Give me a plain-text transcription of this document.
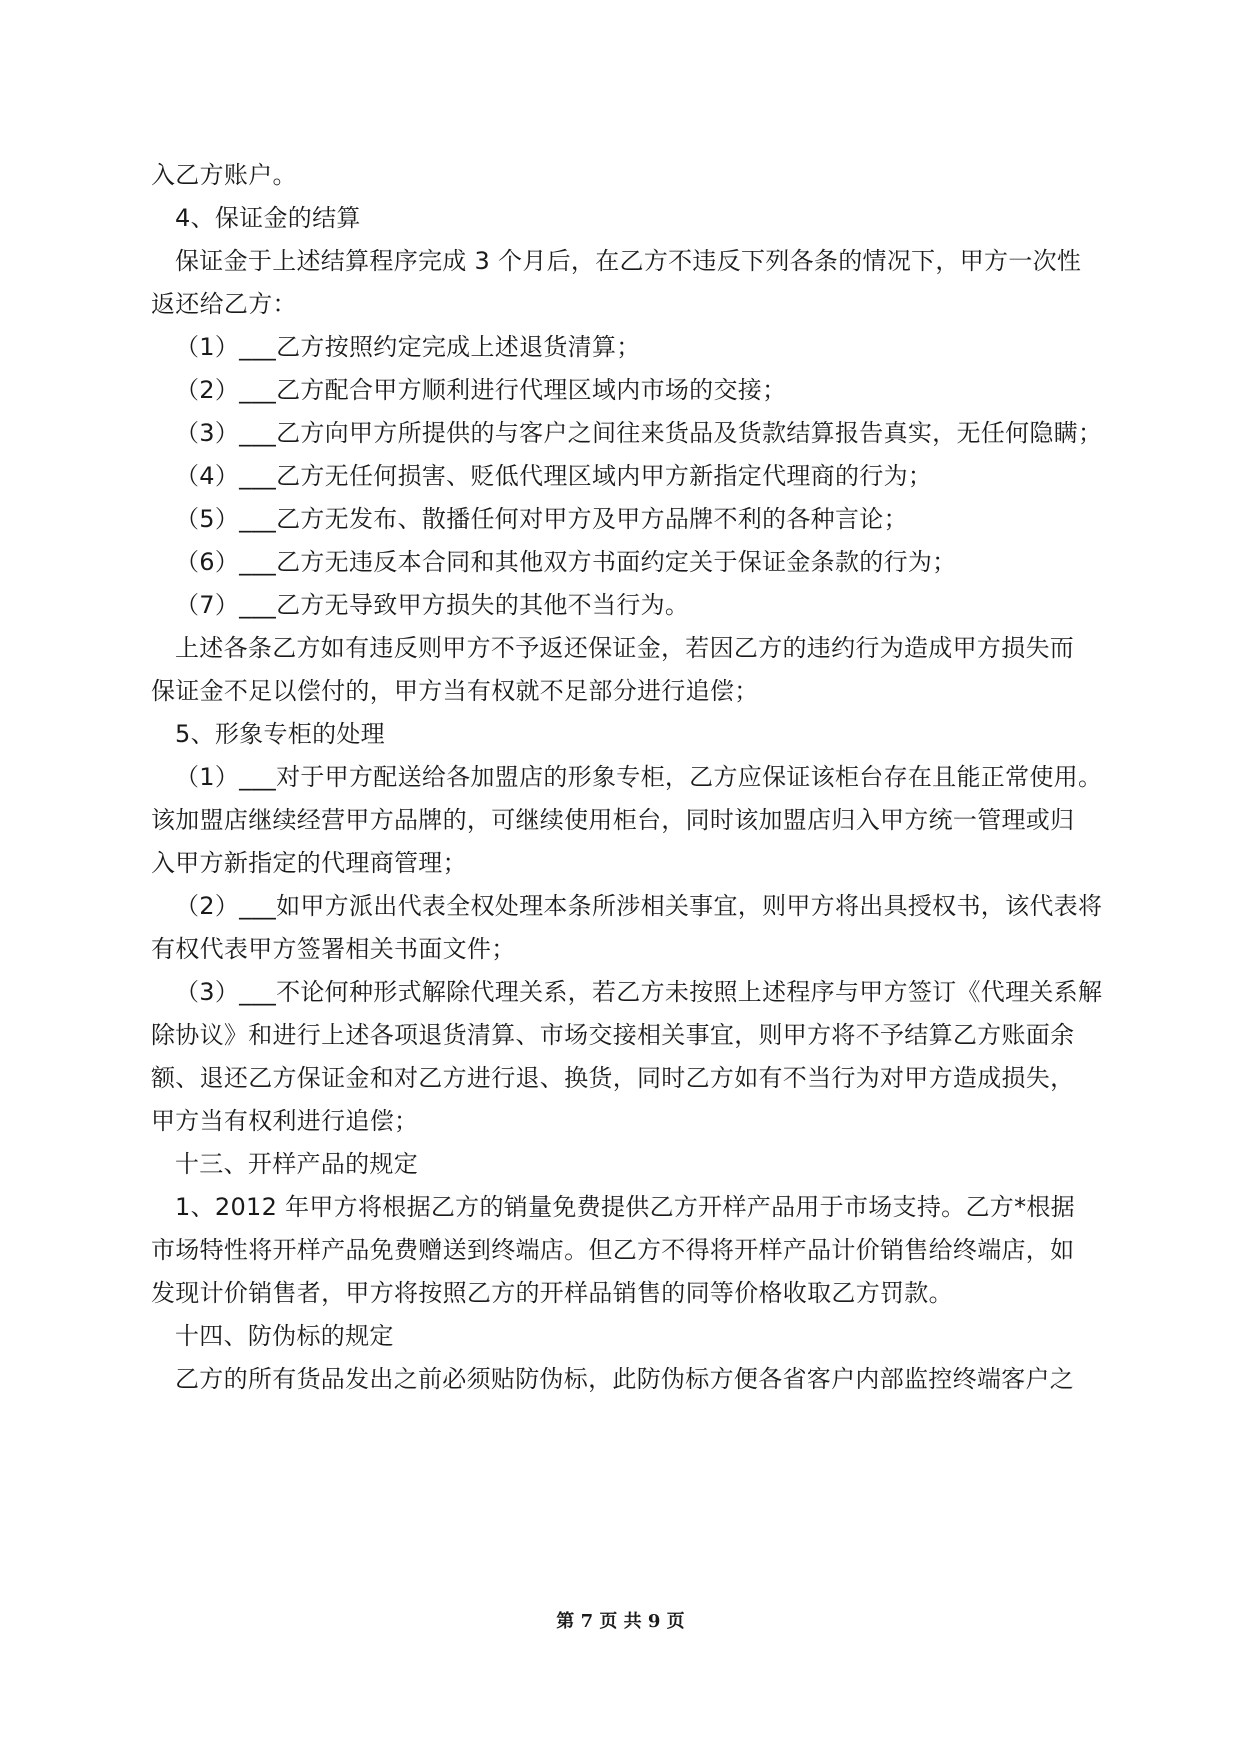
入乙方账户。
4、保证金的结算
保证金于上述结算程序完成 3 个月后，在乙方不违反下列各条的情况下，甲方一次性
返还给乙方：
（1）___乙方按照约定完成上述退货清算；
（2）___乙方配合甲方顺利进行代理区域内市场的交接；
（3）___乙方向甲方所提供的与客户之间往来货品及货款结算报告真实，无任何隐瞒；
（4）___乙方无任何损害、贬低代理区域内甲方新指定代理商的行为；
（5）___乙方无发布、散播任何对甲方及甲方品牌不利的各种言论；
（6）___乙方无违反本合同和其他双方书面约定关于保证金条款的行为；
（7）___乙方无导致甲方损失的其他不当行为。
上述各条乙方如有违反则甲方不予返还保证金，若因乙方的违约行为造成甲方损失而
保证金不足以偿付的，甲方当有权就不足部分进行追偿；
5、形象专柜的处理
（1）___对于甲方配送给各加盟店的形象专柜，乙方应保证该柜台存在且能正常使用。
该加盟店继续经营甲方品牌的，可继续使用柜台，同时该加盟店归入甲方统一管理或归
入甲方新指定的代理商管理；
（2）___如甲方派出代表全权处理本条所涉相关事宜，则甲方将出具授权书，该代表将
有权代表甲方签署相关书面文件；
（3）___不论何种形式解除代理关系，若乙方未按照上述程序与甲方签订《代理关系解
除协议》和进行上述各项退货清算、市场交接相关事宜，则甲方将不予结算乙方账面余
额、退还乙方保证金和对乙方进行退、换货，同时乙方如有不当行为对甲方造成损失，
甲方当有权利进行追偿；
十三、开样产品的规定
1、2012 年甲方将根据乙方的销量免费提供乙方开样产品用于市场支持。乙方*根据
市场特性将开样产品免费赠送到终端店。但乙方不得将开样产品计价销售给终端店，如
发现计价销售者，甲方将按照乙方的开样品销售的同等价格收取乙方罚款。
十四、防伪标的规定
乙方的所有货品发出之前必须贴防伪标，此防伪标方便各省客户内部监控终端客户之
第 7 页 共 9 页
